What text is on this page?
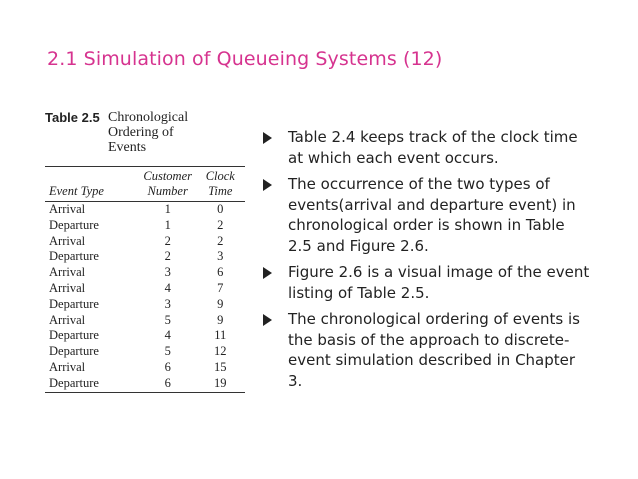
2.1 Simulation of Queueing Systems (12)
Table 2.5 Chronological
Ordering of
Events
	Customer	Clock
Event Type	Number	Time
Arrival	1	0
Departure	1	2
Arrival	2	2
Departure	2	3
Arrival	3	6
Arrival	4	7
Departure	3	9
Arrival	5	9
Departure	4	11
Departure	5	12
Arrival	6	15
Departure	6	19
Table 2.4 keeps track of the clock time at which each event occurs.
The occurrence of the two types of events(arrival and departure event) in chronological order is shown in Table 2.5 and Figure 2.6.
Figure 2.6 is a visual image of the event listing of Table 2.5.
The chronological ordering of events is the basis of the approach to discrete-event simulation described in Chapter 3.
